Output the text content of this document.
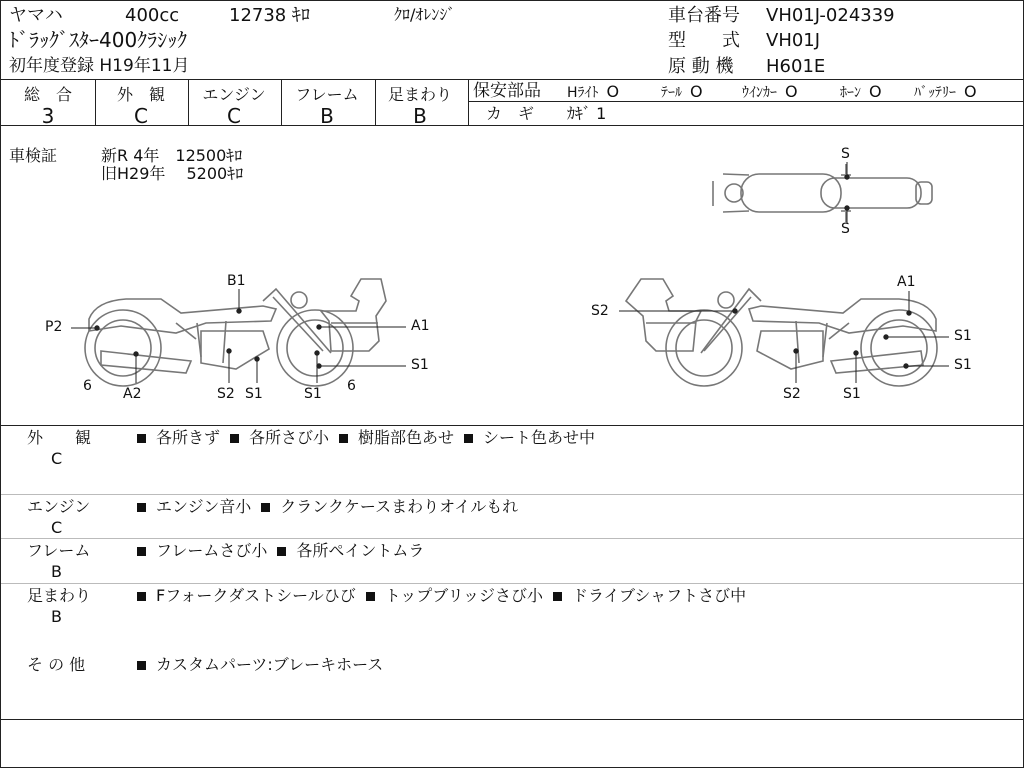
ヤマハ	400cc	12738 ｷﾛ	ｸﾛ/ｵﾚﾝｼﾞ
ﾄﾞﾗｯｸﾞｽﾀｰ400ｸﾗｼｯｸ
初年度登録 H19年11月
車台番号 VH01J-024339
型　　式 VH01J
原 動 機 H601E
総　合
3
外　観
C
エンジン
C
フレーム
B
足まわり
B
保安部品 Hﾗｲﾄ O	ﾃｰﾙ O	ｳｲﾝｶｰ O	ﾎｰﾝ O ﾊﾞｯﾃﾘｰ O
カ　ギ ｶｷﾞ 1
車検証	新R 4年　12500ｷﾛ
旧H29年　 5200ｷﾛ
S
S
B1
P2	A1
S1
6	6
A2	S2 S1	S1
A1
S2
S1
S1
S2	S1
外　　観
C
各所きず 各所さび小 樹脂部色あせ シート色あせ中
エンジン
C
エンジン音小 クランクケースまわりオイルもれ
フレーム
B
フレームさび小 各所ペイントムラ
足まわり
B
Fフォークダストシールひび トップブリッジさび小 ドライブシャフトさび中
そ の 他	カスタムパーツ:ブレーキホース
